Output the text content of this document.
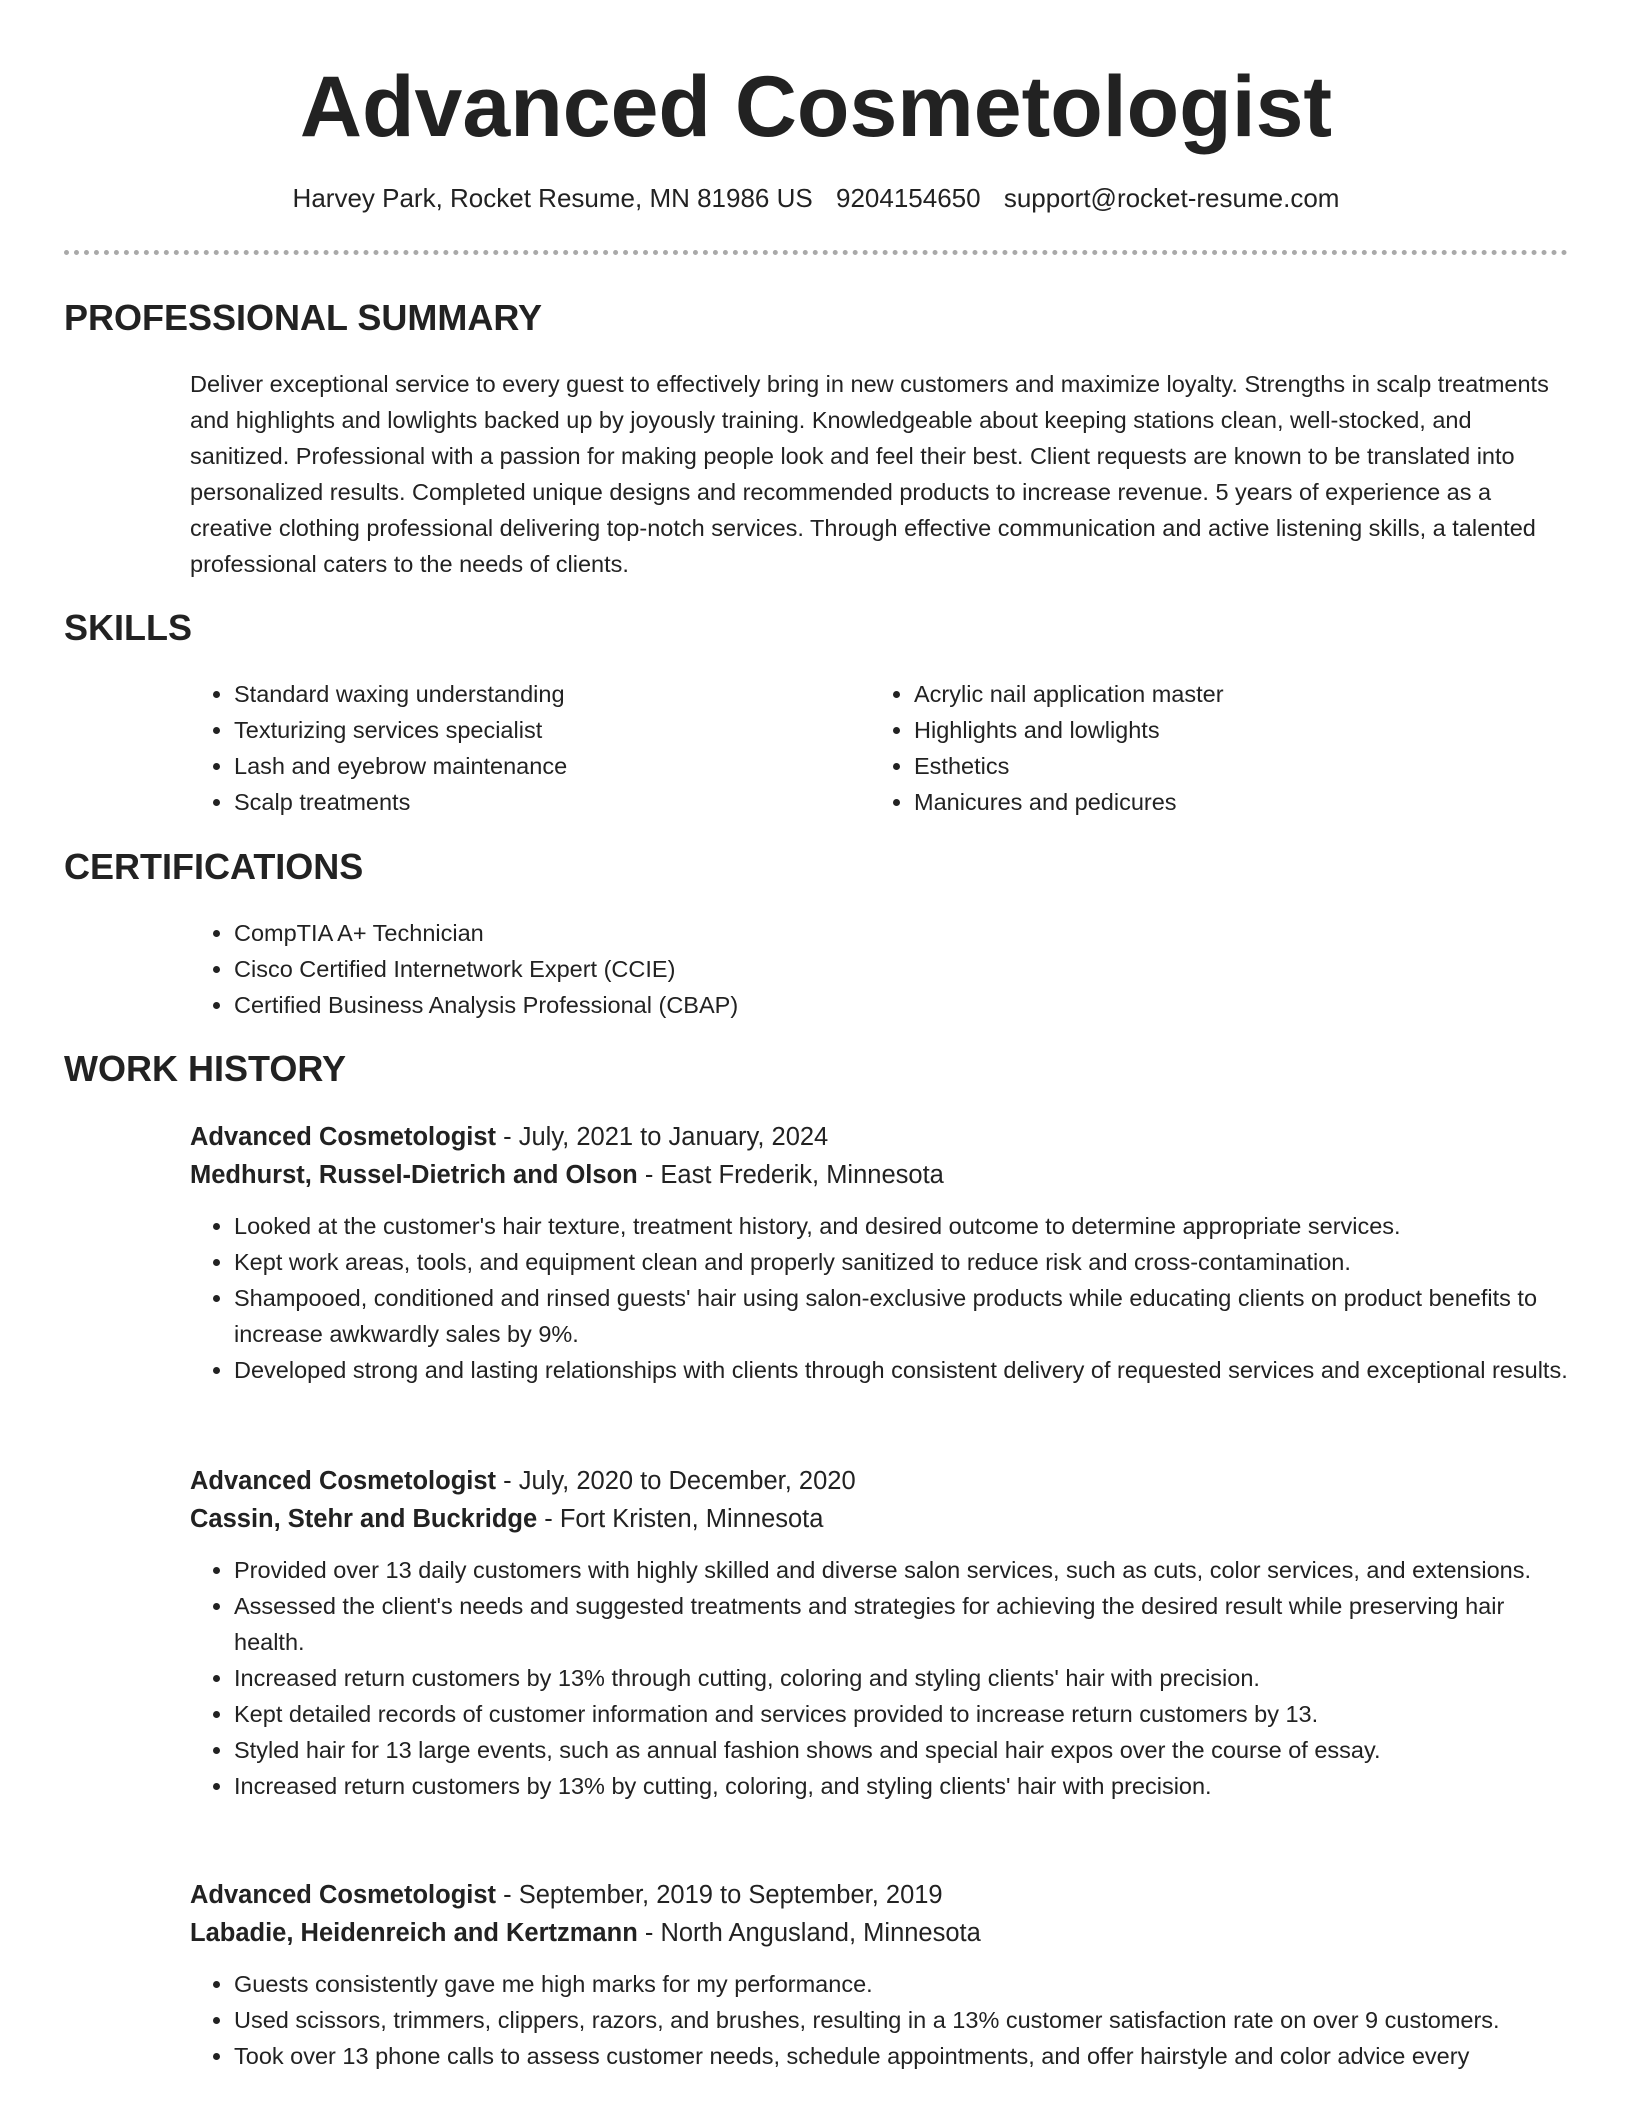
Advanced Cosmetologist
Harvey Park, Rocket Resume, MN 81986 US 9204154650 support@rocket-resume.com
PROFESSIONAL SUMMARY

Deliver exceptional service to every guest to effectively bring in new customers and maximize loyalty. Strengths in scalp treatments and highlights and lowlights backed up by joyously training. Knowledgeable about keeping stations clean, well-stocked, and sanitized. Professional with a passion for making people look and feel their best. Client requests are known to be translated into personalized results. Completed unique designs and recommended products to increase revenue. 5 years of experience as a creative clothing professional delivering top-notch services. Through effective communication and active listening skills, a talented professional caters to the needs of clients.

SKILLS
• Standard waxing understanding
• Texturizing services specialist
• Lash and eyebrow maintenance
• Scalp treatments
• Acrylic nail application master
• Highlights and lowlights
• Esthetics
• Manicures and pedicures
CERTIFICATIONS
• CompTIA A+ Technician
• Cisco Certified Internetwork Expert (CCIE)
• Certified Business Analysis Professional (CBAP)
WORK HISTORY

Advanced Cosmetologist - July, 2021 to January, 2024

Medhurst, Russel-Dietrich and Olson - East Frederik, Minnesota

• Looked at the customer's hair texture, treatment history, and desired outcome to determine appropriate services.
• Kept work areas, tools, and equipment clean and properly sanitized to reduce risk and cross-contamination.
• Shampooed, conditioned and rinsed guests' hair using salon-exclusive products while educating clients on product benefits to increase awkwardly sales by 9%.
• Developed strong and lasting relationships with clients through consistent delivery of requested services and exceptional results.

Advanced Cosmetologist - July, 2020 to December, 2020

Cassin, Stehr and Buckridge - Fort Kristen, Minnesota

• Provided over 13 daily customers with highly skilled and diverse salon services, such as cuts, color services, and extensions.
• Assessed the client's needs and suggested treatments and strategies for achieving the desired result while preserving hair health.
• Increased return customers by 13% through cutting, coloring and styling clients' hair with precision.
• Kept detailed records of customer information and services provided to increase return customers by 13.
• Styled hair for 13 large events, such as annual fashion shows and special hair expos over the course of essay.
• Increased return customers by 13% by cutting, coloring, and styling clients' hair with precision.

Advanced Cosmetologist - September, 2019 to September, 2019

Labadie, Heidenreich and Kertzmann - North Angusland, Minnesota

• Guests consistently gave me high marks for my performance.
• Used scissors, trimmers, clippers, razors, and brushes, resulting in a 13% customer satisfaction rate on over 9 customers.
• Took over 13 phone calls to assess customer needs, schedule appointments, and offer hairstyle and color advice every
